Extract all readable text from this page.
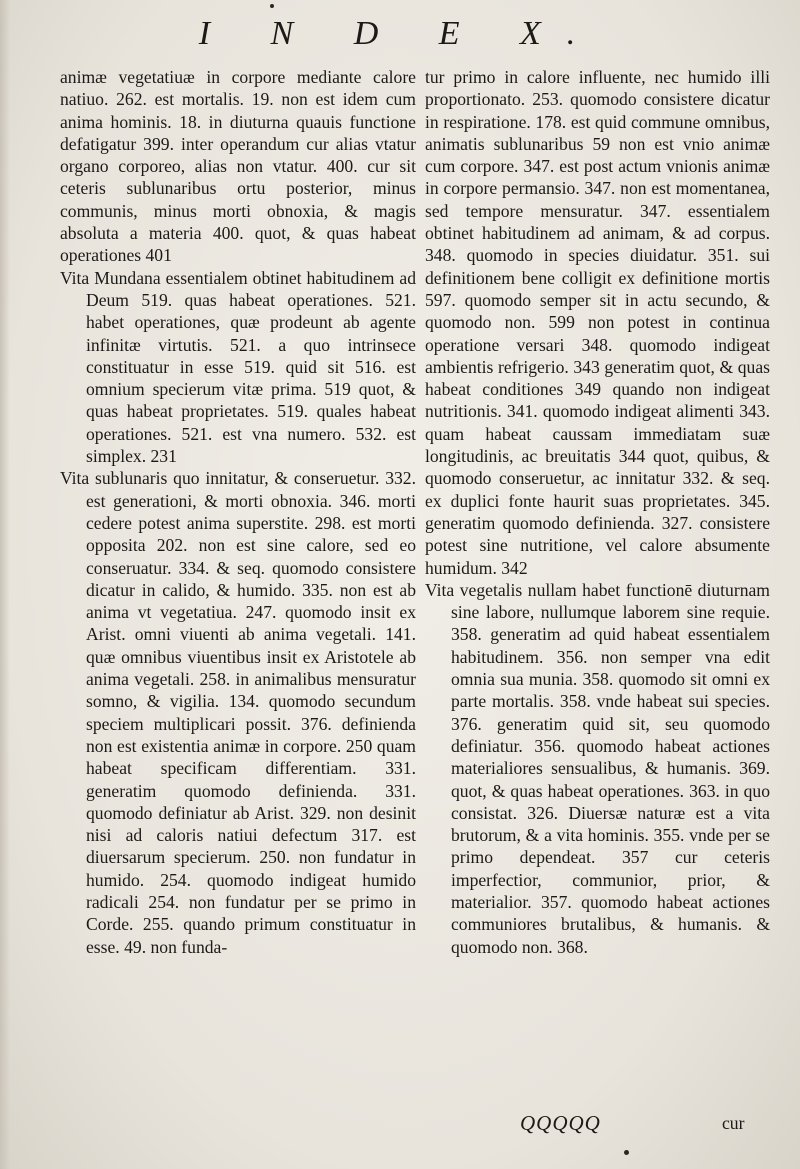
I N D E X.

animæ vegetatiuæ in corpore mediante calore natiuo. 262. est mortalis. 19. non est idem cum anima hominis. 18. in diuturna quauis functione defatigatur 399. inter operandum cur alias vtatur organo corporeo, alias non vtatur. 400. cur sit ceteris sublunaribus ortu posterior, minus communis, minus morti obnoxia, & magis absoluta a materia 400. quot, & quas habeat operationes 401

Vita Mundana essentialem obtinet habitudinem ad Deum 519. quas habeat operationes. 521. habet operationes, quæ prodeunt ab agente infinitæ virtutis. 521. a quo intrinsece constituatur in esse 519. quid sit 516. est omnium specierum vitæ prima. 519 quot, & quas habeat proprietates. 519. quales habeat operationes. 521. est vna numero. 532. est simplex. 231

Vita sublunaris quo innitatur, & conseruetur. 332. est generationi, & morti obnoxia. 346. morti cedere potest anima superstite. 298. est morti opposita 202. non est sine calore, sed eo conseruatur. 334. & seq. quomodo consistere dicatur in calido, & humido. 335. non est ab anima vt vegetatiua. 247. quomodo insit ex Arist. omni viuenti ab anima vegetali. 141. quæ omnibus viuentibus insit ex Aristotele ab anima vegetali. 258. in animalibus mensuratur somno, & vigilia. 134. quomodo secundum speciem multiplicari possit. 376. definienda non est existentia animæ in corpore. 250 quam habeat specificam differentiam. 331. generatim quomodo definienda. 331. quomodo definiatur ab Arist. 329. non desinit nisi ad caloris natiui defectum 317. est diuersarum specierum. 250. non fundatur in humido. 254. quomodo indigeat humido radicali 254. non fundatur per se primo in Corde. 255. quando primum constituatur in esse. 49. non funda-

tur primo in calore influente, nec humido illi proportionato. 253. quomodo consistere dicatur in respiratione. 178. est quid commune omnibus, animatis sublunaribus 59 non est vnio animæ cum corpore. 347. est post actum vnionis animæ in corpore permansio. 347. non est momentanea, sed tempore mensuratur. 347. essentialem obtinet habitudinem ad animam, & ad corpus. 348. quomodo in species diuidatur. 351. sui definitionem bene colligit ex definitione mortis 597. quomodo semper sit in actu secundo, & quomodo non. 599 non potest in continua operatione versari 348. quomodo indigeat ambientis refrigerio. 343 generatim quot, & quas habeat conditiones 349 quando non indigeat nutritionis. 341. quomodo indigeat alimenti 343. quam habeat caussam immediatam suæ longitudinis, ac breuitatis 344 quot, quibus, & quomodo conseruetur, ac innitatur 332. & seq. ex duplici fonte haurit suas proprietates. 345. generatim quomodo definienda. 327. consistere potest sine nutritione, vel calore absumente humidum. 342

Vita vegetalis nullam habet functionē diuturnam sine labore, nullumque laborem sine requie. 358. generatim ad quid habeat essentialem habitudinem. 356. non semper vna edit omnia sua munia. 358. quomodo sit omni ex parte mortalis. 358. vnde habeat sui species. 376. generatim quid sit, seu quomodo definiatur. 356. quomodo habeat actiones materialiores sensualibus, & humanis. 369. quot, & quas habeat operationes. 363. in quo consistat. 326. Diuersæ naturæ est a vita brutorum, & a vita hominis. 355. vnde per se primo dependeat. 357 cur ceteris imperfectior, communior, prior, & materialior. 357. quomodo habeat actiones communiores brutalibus, & humanis. & quomodo non. 368.

QQQQQ	cur
